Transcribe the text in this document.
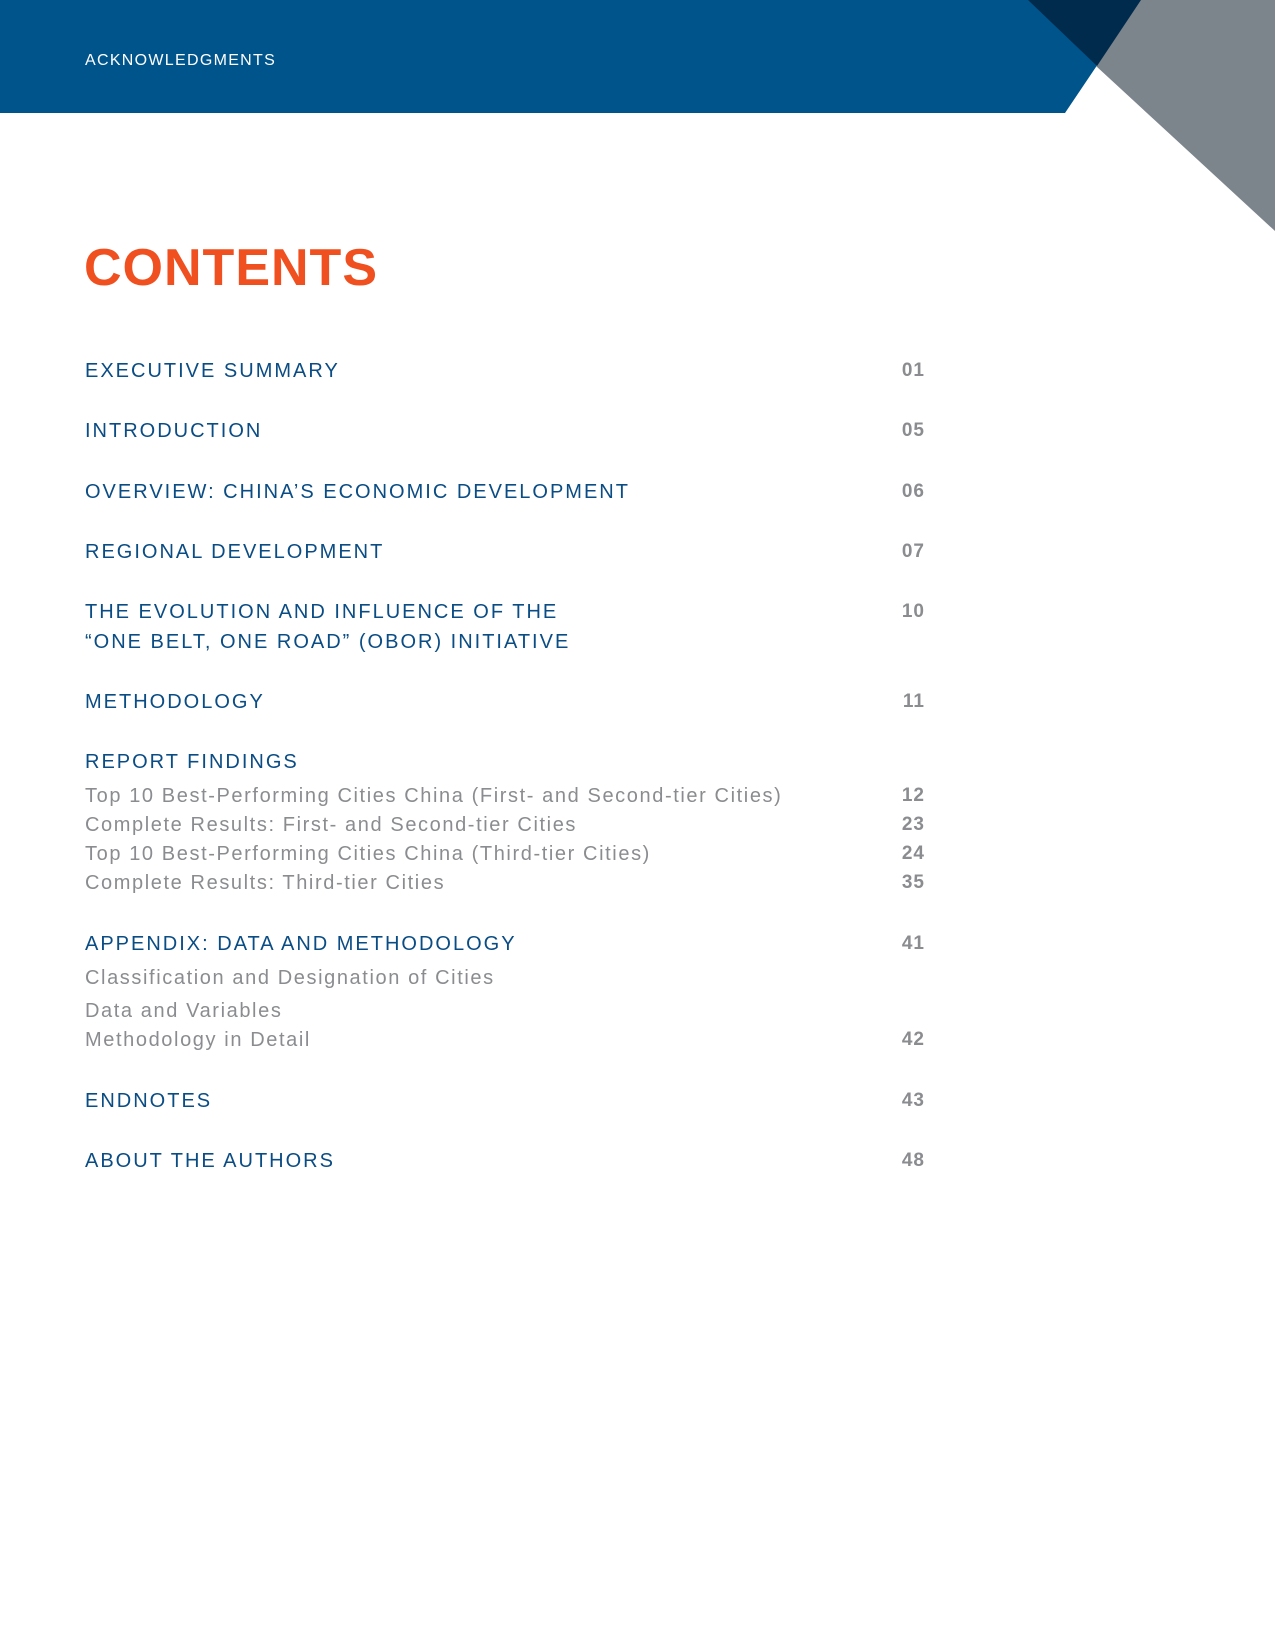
ACKNOWLEDGMENTS
CONTENTS
EXECUTIVE SUMMARY	01
INTRODUCTION	05
OVERVIEW: CHINA’S ECONOMIC DEVELOPMENT	06
REGIONAL DEVELOPMENT	07
THE EVOLUTION AND INFLUENCE OF THE	10
“ONE BELT, ONE ROAD” (OBOR) INITIATIVE
METHODOLOGY	11
REPORT FINDINGS
Top 10 Best-Performing Cities China (First- and Second-tier Cities)	12
Complete Results: First- and Second-tier Cities	23
Top 10 Best-Performing Cities China (Third-tier Cities)	24
Complete Results: Third-tier Cities	35
APPENDIX: DATA AND METHODOLOGY	41
Classification and Designation of Cities
Data and Variables
Methodology in Detail	42
ENDNOTES	43
ABOUT THE AUTHORS	48
